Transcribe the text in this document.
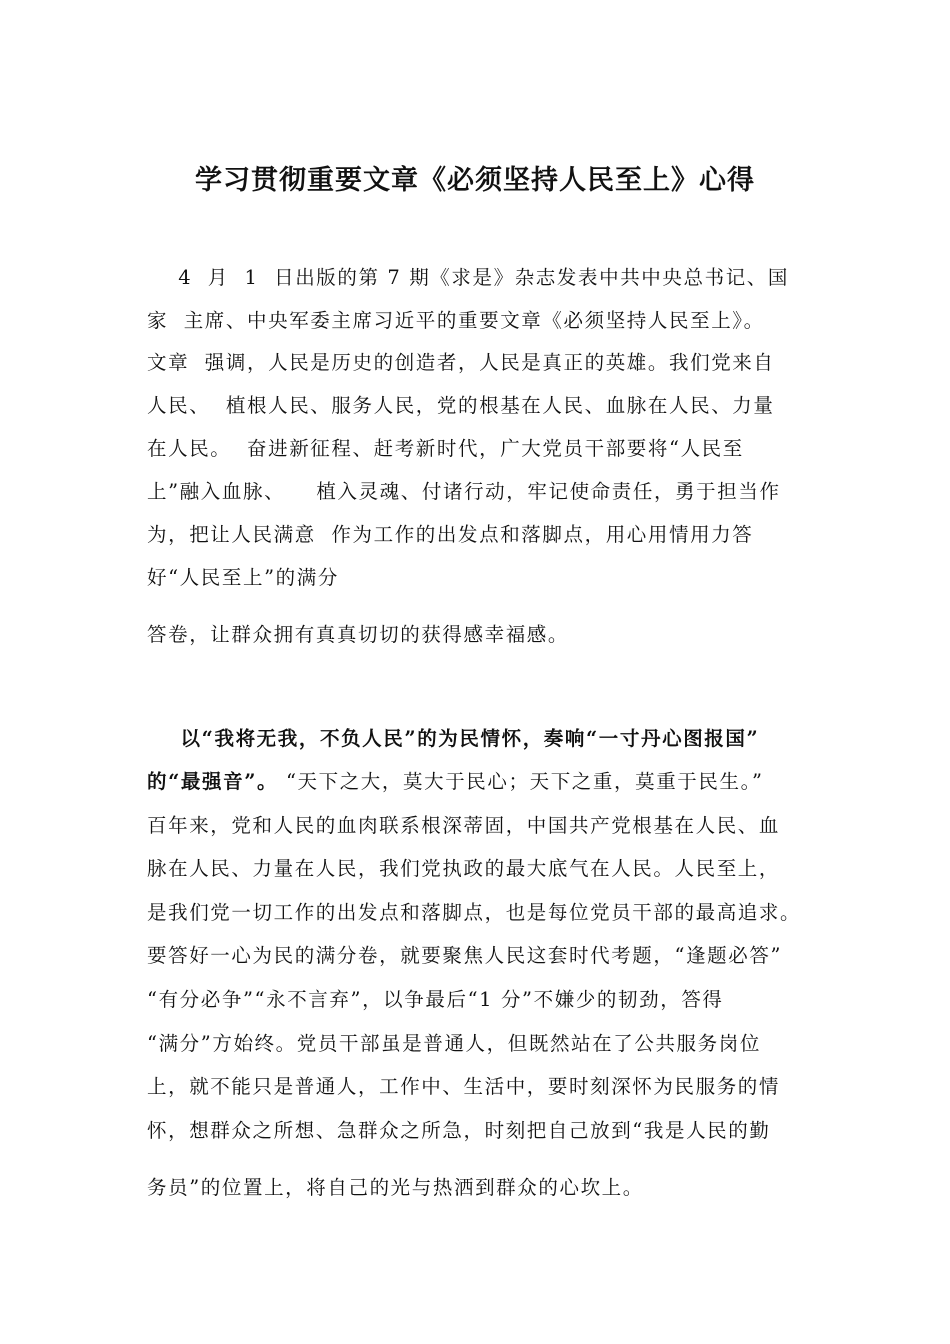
学习贯彻重要文章《必须坚持人民至上》心得
4  月  1  日出版的第 7 期《求是》杂志发表中共中央总书记、国
家  主席、中央军委主席习近平的重要文章《必须坚持人民至上》。
文章  强调，人民是历史的创造者，人民是真正的英雄。我们党来自
人民、  植根人民、服务人民，党的根基在人民、血脉在人民、力量
在人民。  奋进新征程、赶考新时代，广大党员干部要将“人民至
上”融入血脉、    植入灵魂、付诸行动，牢记使命责任，勇于担当作
为，把让人民满意  作为工作的出发点和落脚点，用心用情用力答
好“人民至上”的满分
答卷，让群众拥有真真切切的获得感幸福感。
以“我将无我，不负人民”的为民情怀，奏响“一寸丹心图报国”
的“最强音”。 “天下之大，莫大于民心；天下之重，莫重于民生。”
百年来，党和人民的血肉联系根深蒂固，中国共产党根基在人民、血
脉在人民、力量在人民，我们党执政的最大底气在人民。人民至上，
是我们党一切工作的出发点和落脚点，也是每位党员干部的最高追求。
要答好一心为民的满分卷，就要聚焦人民这套时代考题，“逢题必答”
“有分必争”“永不言弃”，以争最后“1 分”不嫌少的韧劲，答得
“满分”方始终。党员干部虽是普通人，但既然站在了公共服务岗位
上，就不能只是普通人，工作中、生活中，要时刻深怀为民服务的情
怀，想群众之所想、急群众之所急，时刻把自己放到“我是人民的勤
务员”的位置上，将自己的光与热洒到群众的心坎上。
